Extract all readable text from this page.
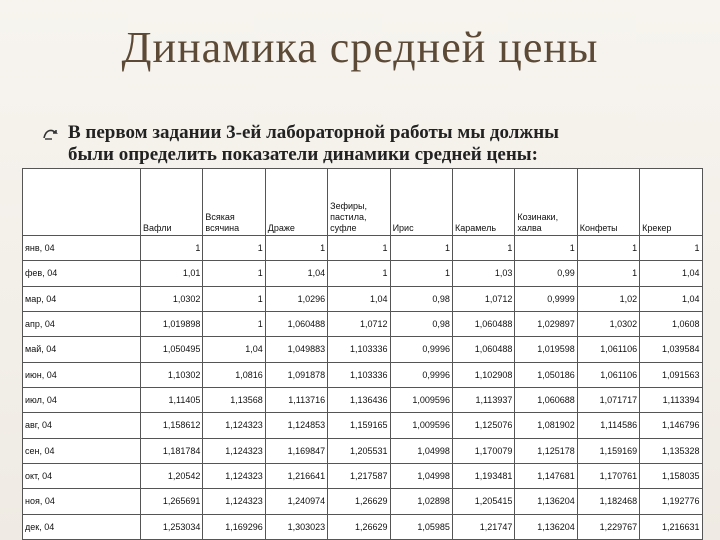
Динамика средней цены
В первом задании 3-ей лабораторной работы мы должны
были определить показатели динамики средней цены:
	Вафли	Всякая всячина	Драже	Зефиры, пастила, суфле	Ирис	Карамель	Козинаки, халва	Конфеты	Крекер
янв, 04	1	1	1	1	1	1	1	1	1
фев, 04	1,01	1	1,04	1	1	1,03	0,99	1	1,04
мар, 04	1,0302	1	1,0296	1,04	0,98	1,0712	0,9999	1,02	1,04
апр, 04	1,019898	1	1,060488	1,0712	0,98	1,060488	1,029897	1,0302	1,0608
май, 04	1,050495	1,04	1,049883	1,103336	0,9996	1,060488	1,019598	1,061106	1,039584
июн, 04	1,10302	1,0816	1,091878	1,103336	0,9996	1,102908	1,050186	1,061106	1,091563
июл, 04	1,11405	1,13568	1,113716	1,136436	1,009596	1,113937	1,060688	1,071717	1,113394
авг, 04	1,158612	1,124323	1,124853	1,159165	1,009596	1,125076	1,081902	1,114586	1,146796
сен, 04	1,181784	1,124323	1,169847	1,205531	1,04998	1,170079	1,125178	1,159169	1,135328
окт, 04	1,20542	1,124323	1,216641	1,217587	1,04998	1,193481	1,147681	1,170761	1,158035
ноя, 04	1,265691	1,124323	1,240974	1,26629	1,02898	1,205415	1,136204	1,182468	1,192776
дек, 04	1,253034	1,169296	1,303023	1,26629	1,05985	1,21747	1,136204	1,229767	1,216631
